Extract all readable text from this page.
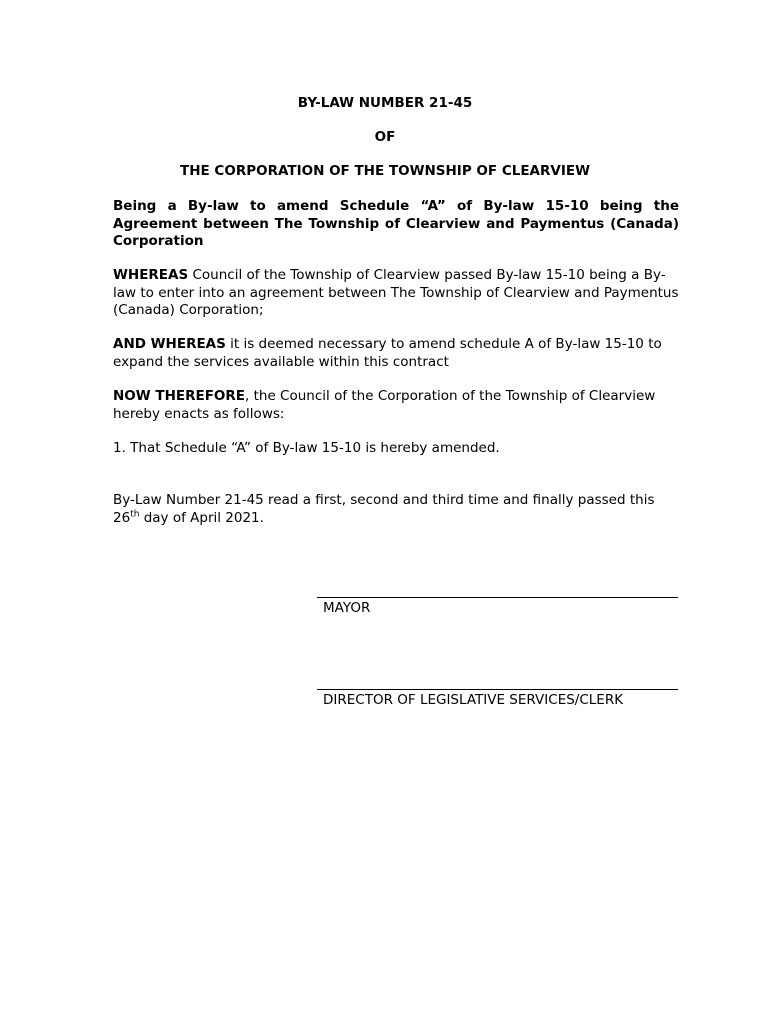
BY-LAW NUMBER 21-45
OF
THE CORPORATION OF THE TOWNSHIP OF CLEARVIEW
Being a By-law to amend Schedule “A” of By-law 15-10 being the Agreement between The Township of Clearview and Paymentus (Canada) Corporation
WHEREAS Council of the Township of Clearview passed By-law 15-10 being a By-law to enter into an agreement between The Township of Clearview and Paymentus (Canada) Corporation;
AND WHEREAS it is deemed necessary to amend schedule A of By-law 15-10 to expand the services available within this contract
NOW THEREFORE, the Council of the Corporation of the Township of Clearview hereby enacts as follows:
1. That Schedule “A” of By-law 15-10 is hereby amended.
By-Law Number 21-45 read a first, second and third time and finally passed this 26th day of April 2021.
MAYOR
DIRECTOR OF LEGISLATIVE SERVICES/CLERK
